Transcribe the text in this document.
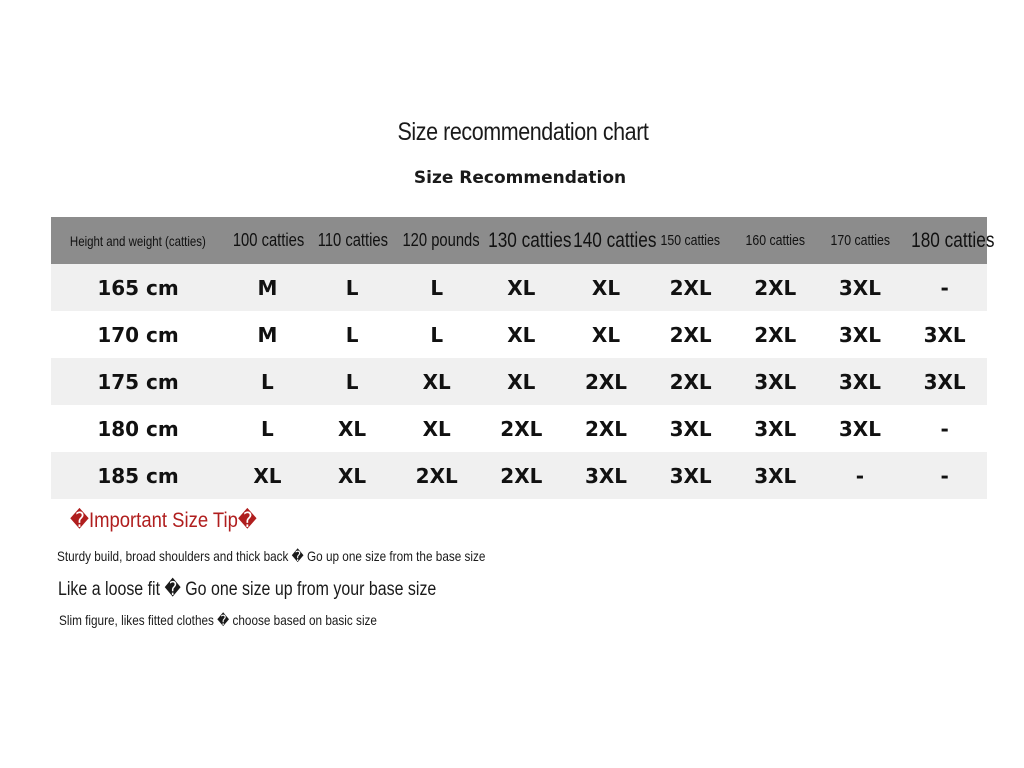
Size recommendation chart
Size Recommendation
Height and weight (catties)	100 catties	110 catties	120 pounds	130 catties	140 catties	150 catties	160 catties	170 catties	180 catties
165 cm	M	L	L	XL	XL	2XL	2XL	3XL	-
170 cm	M	L	L	XL	XL	2XL	2XL	3XL	3XL
175 cm	L	L	XL	XL	2XL	2XL	3XL	3XL	3XL
180 cm	L	XL	XL	2XL	2XL	3XL	3XL	3XL	-
185 cm	XL	XL	2XL	2XL	3XL	3XL	3XL	-	-
�Important Size Tip�
Sturdy build, broad shoulders and thick back � Go up one size from the base size
Like a loose fit � Go one size up from your base size
Slim figure, likes fitted clothes � choose based on basic size
